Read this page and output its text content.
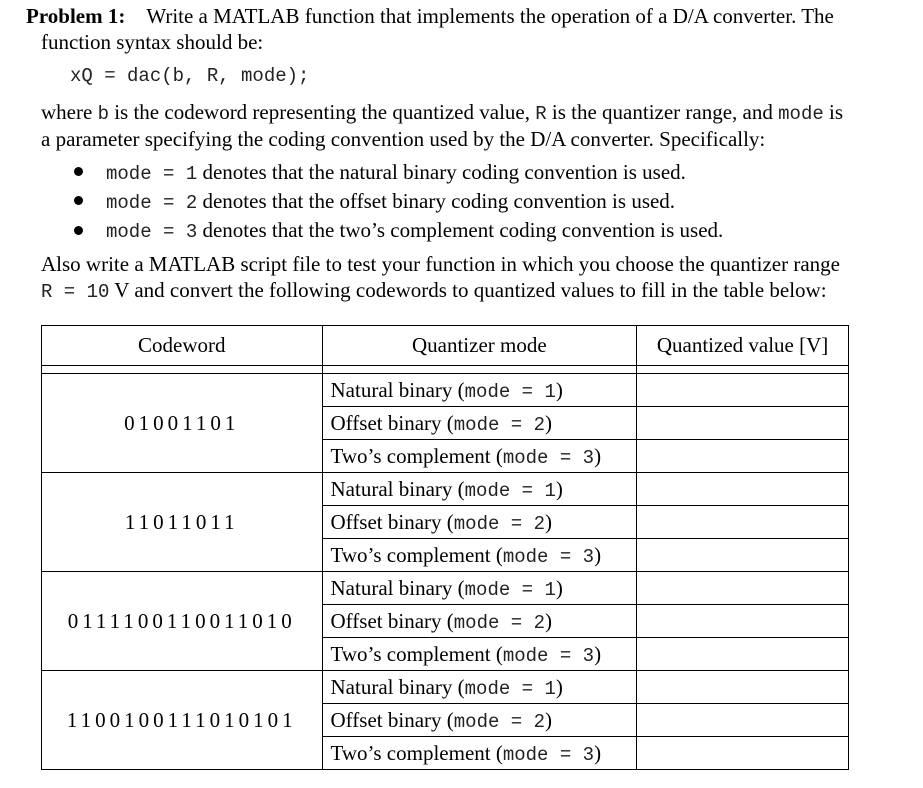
Problem 1: Write a MATLAB function that implements the operation of a D/A converter. The
function syntax should be:
xQ = dac(b, R, mode);
where b is the codeword representing the quantized value, R is the quantizer range, and mode is
a parameter specifying the coding convention used by the D/A converter. Specifically:
mode = 1 denotes that the natural binary coding convention is used.
mode = 2 denotes that the offset binary coding convention is used.
mode = 3 denotes that the two’s complement coding convention is used.
Also write a MATLAB script file to test your function in which you choose the quantizer range
R = 10 V and convert the following codewords to quantized values to fill in the table below:
Codeword	Quantizer mode	Quantized value [V]

01001101	Natural binary (mode = 1)	
	Offset binary (mode = 2)	
	Two’s complement (mode = 3)	
11011011	Natural binary (mode = 1)	
	Offset binary (mode = 2)	
	Two’s complement (mode = 3)	
0111100110011010	Natural binary (mode = 1)	
	Offset binary (mode = 2)	
	Two’s complement (mode = 3)	
1100100111010101	Natural binary (mode = 1)	
	Offset binary (mode = 2)	
	Two’s complement (mode = 3)	
